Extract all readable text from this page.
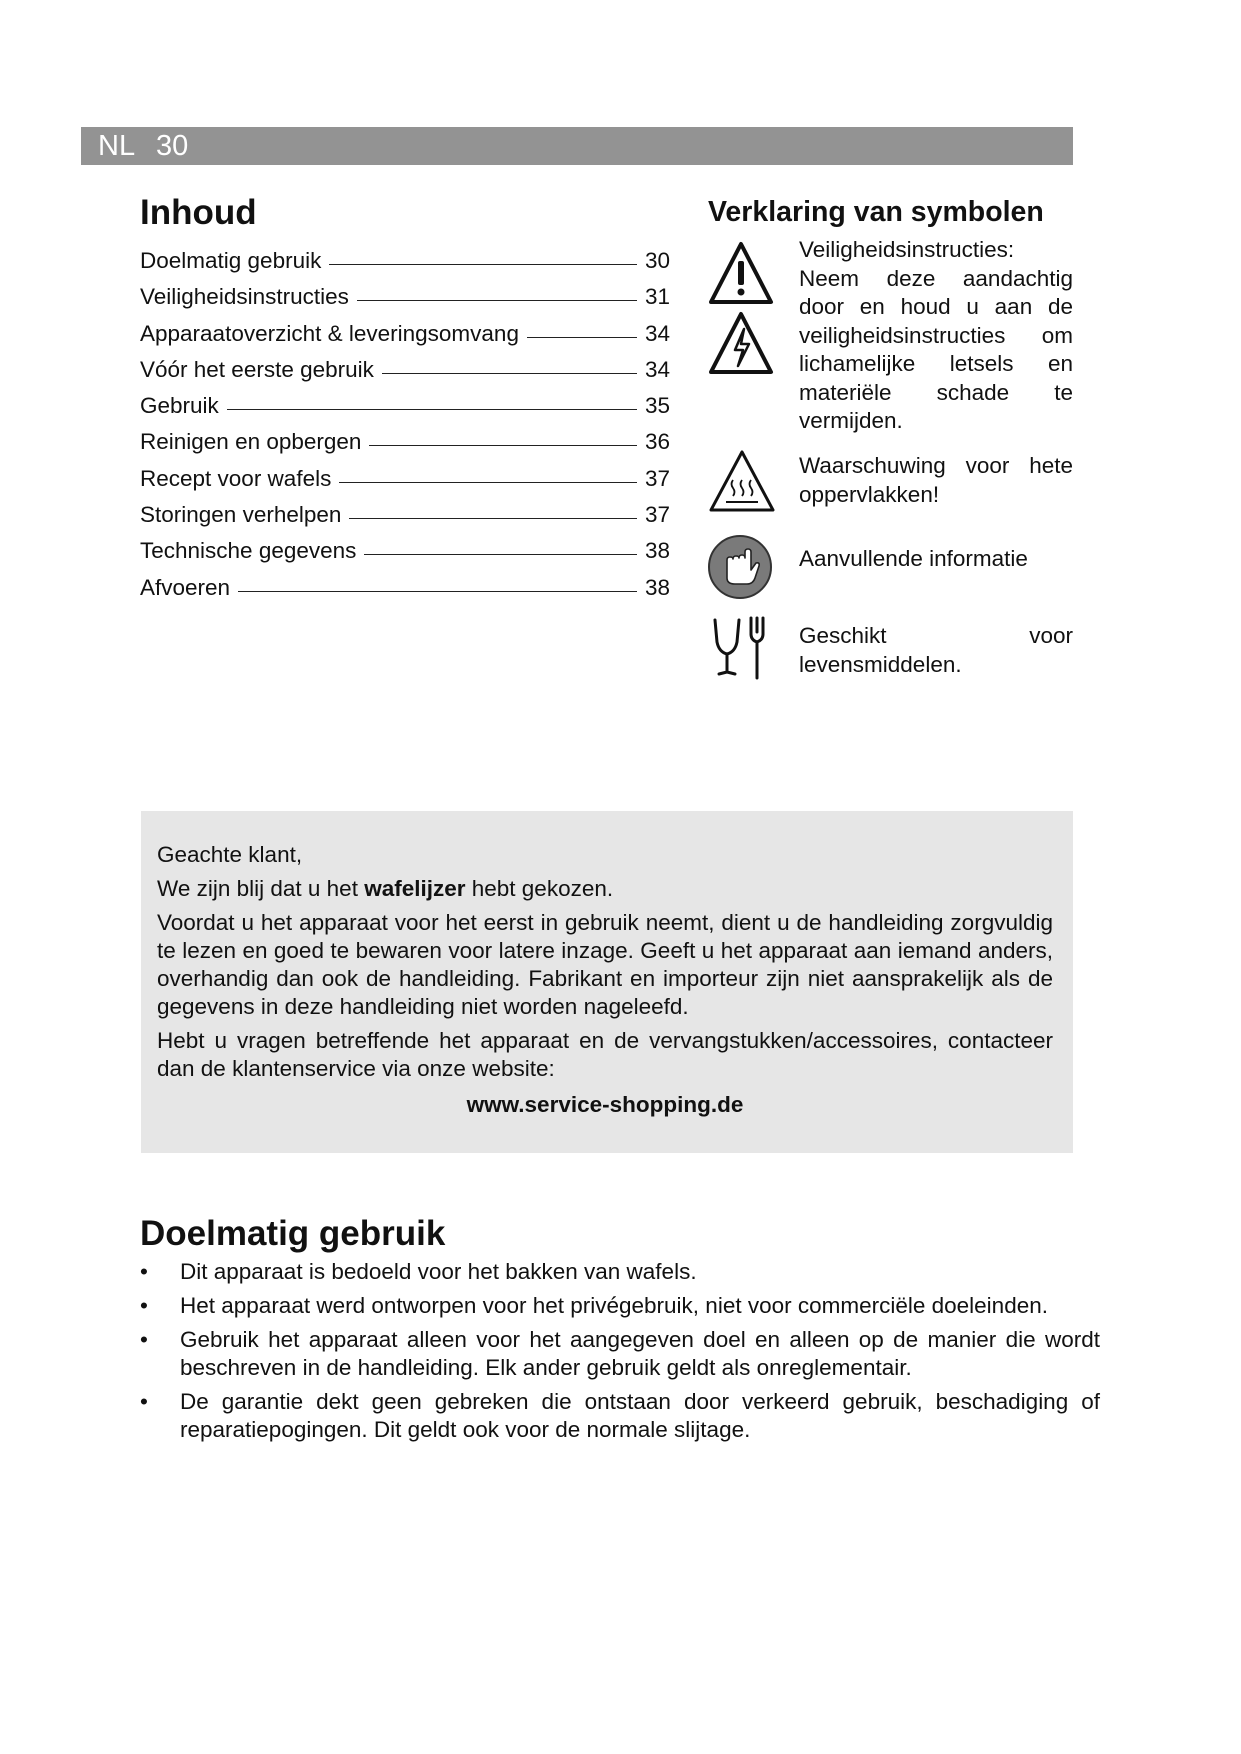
NL 30
Inhoud
Doelmatig gebruik	30
Veiligheidsinstructies	31
Apparaatoverzicht & leveringsomvang	34
Vóór het eerste gebruik	34
Gebruik	35
Reinigen en opbergen	36
Recept voor wafels	37
Storingen verhelpen	37
Technische gegevens	38
Afvoeren	38
Verklaring van symbolen

Veiligheidsinstructies: Neem deze aandachtig door en houd u aan de veiligheidsinstructies om lichamelijke letsels en materiële schade te vermijden.

Waarschuwing voor hete oppervlakken!

Aanvullende informatie

Geschikt voor levensmiddelen.

Geachte klant,

We zijn blij dat u het wafelijzer hebt gekozen.

Voordat u het apparaat voor het eerst in gebruik neemt, dient u de handleiding zorgvuldig te lezen en goed te bewaren voor latere inzage. Geeft u het apparaat aan iemand anders, overhandig dan ook de handleiding. Fabrikant en importeur zijn niet aansprakelijk als de gegevens in deze handleiding niet worden nageleefd.

Hebt u vragen betreffende het apparaat en de vervangstukken/accessoires, contacteer dan de klantenservice via onze website:

www.service-shopping.de

Doelmatig gebruik
• Dit apparaat is bedoeld voor het bakken van wafels.
• Het apparaat werd ontworpen voor het privégebruik, niet voor commerciële doeleinden.
• Gebruik het apparaat alleen voor het aangegeven doel en alleen op de manier die wordt beschreven in de handleiding. Elk ander gebruik geldt als onreglementair.
• De garantie dekt geen gebreken die ontstaan door verkeerd gebruik, beschadiging of reparatiepogingen. Dit geldt ook voor de normale slijtage.
